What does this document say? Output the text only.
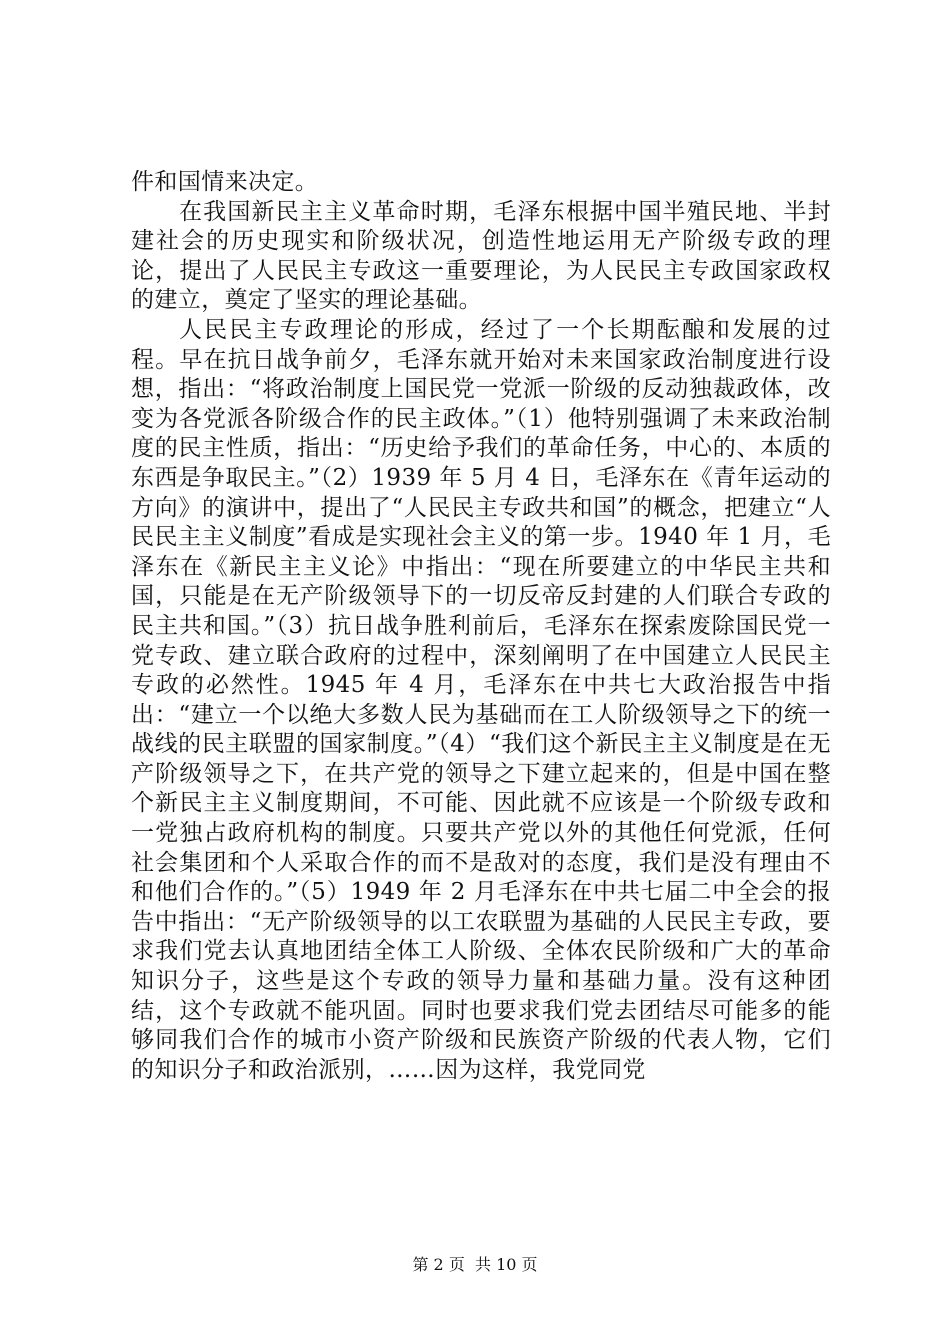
件和国情来决定。

在我国新民主主义革命时期，毛泽东根据中国半殖民地、半封建社会的历史现实和阶级状况，创造性地运用无产阶级专政的理论，提出了人民民主专政这一重要理论，为人民民主专政国家政权的建立，奠定了坚实的理论基础。

人民民主专政理论的形成，经过了一个长期酝酿和发展的过程。早在抗日战争前夕，毛泽东就开始对未来国家政治制度进行设想，指出：“将政治制度上国民党一党派一阶级的反动独裁政体，改变为各党派各阶级合作的民主政体。”（1）他特别强调了未来政治制度的民主性质，指出：“历史给予我们的革命任务，中心的、本质的东西是争取民主。”（2）1939 年 5 月 4 日，毛泽东在《青年运动的方向》的演讲中，提出了“人民民主专政共和国”的概念，把建立“人民民主主义制度”看成是实现社会主义的第一步。1940 年 1 月，毛泽东在《新民主主义论》中指出：“现在所要建立的中华民主共和国，只能是在无产阶级领导下的一切反帝反封建的人们联合专政的民主共和国。”（3）抗日战争胜利前后，毛泽东在探索废除国民党一党专政、建立联合政府的过程中，深刻阐明了在中国建立人民民主专政的必然性。1945 年 4 月，毛泽东在中共七大政治报告中指出：“建立一个以绝大多数人民为基础而在工人阶级领导之下的统一战线的民主联盟的国家制度。”（4）“我们这个新民主主义制度是在无产阶级领导之下，在共产党的领导之下建立起来的，但是中国在整个新民主主义制度期间，不可能、因此就不应该是一个阶级专政和一党独占政府机构的制度。只要共产党以外的其他任何党派，任何社会集团和个人采取合作的而不是敌对的态度，我们是没有理由不和他们合作的。”（5）1949 年 2 月毛泽东在中共七届二中全会的报告中指出：“无产阶级领导的以工农联盟为基础的人民民主专政，要求我们党去认真地团结全体工人阶级、全体农民阶级和广大的革命知识分子，这些是这个专政的领导力量和基础力量。没有这种团结，这个专政就不能巩固。同时也要求我们党去团结尽可能多的能够同我们合作的城市小资产阶级和民族资产阶级的代表人物，它们的知识分子和政治派别，……因为这样，我党同党

第 2 页  共 10 页
